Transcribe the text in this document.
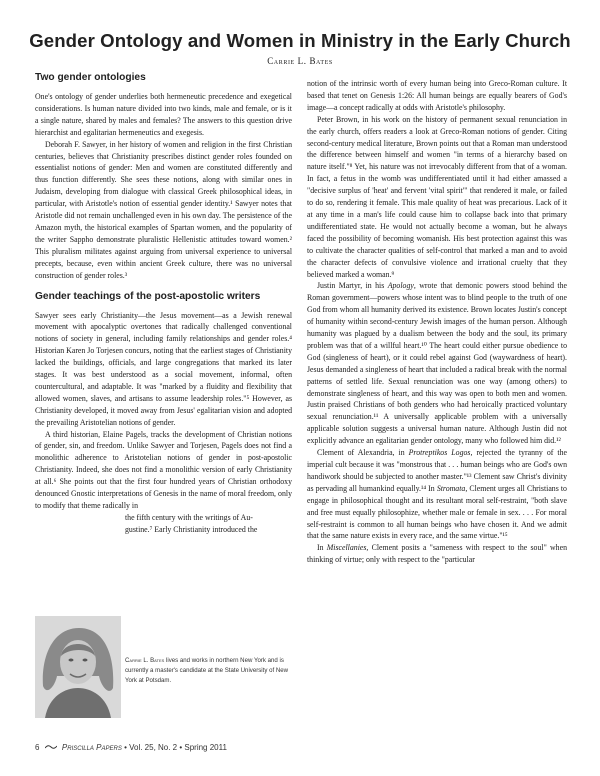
Gender Ontology and Women in Ministry in the Early Church
Carrie L. Bates
Two gender ontologies

One's ontology of gender underlies both hermeneutic precedence and exegetical considerations. Is human nature divided into two kinds, male and female, or is it a single nature, shared by males and females? The answers to this question drive hierarchist and egalitarian hermeneutics and exegesis.

Deborah F. Sawyer, in her history of women and religion in the first Christian centuries, believes that Christianity prescribes distinct gender roles founded on essentialist notions of gender: Men and women are constituted differently and thus function differently. She sees these notions, along with similar ones in Judaism, developing from dialogue with classical Greek philosophical ideas, in particular, with Aristotle's notion of essential gender identity.¹ Sawyer notes that Aristotle did not remain unchallenged even in his own day. The persistence of the Amazon myth, the historical examples of Spartan women, and the popularity of the writer Sappho demonstrate pluralistic Hellenistic attitudes toward women.² This pluralism militates against arguing from universal experience to universal precepts, because, even within ancient Greek culture, there was no universal construction of gender roles.³

Gender teachings of the post-apostolic writers

Sawyer sees early Christianity—the Jesus movement—as a Jewish renewal movement with apocalyptic overtones that radically challenged conventional notions of society in general, including family relationships and gender roles.⁴ Historian Karen Jo Torjesen concurs, noting that the earliest stages of Christianity lacked the buildings, officials, and large congregations that marked its later stages. It was best understood as a social movement, informal, often countercultural, and adaptable. It was "marked by a fluidity and flexibility that allowed women, slaves, and artisans to assume leadership roles."⁵ However, as Christianity developed, it moved away from Jesus' egalitarian vision and adopted the prevailing Aristotelian notions of gender.

A third historian, Elaine Pagels, tracks the development of Christian notions of gender, sin, and freedom. Unlike Sawyer and Torjesen, Pagels does not find a monolithic adherence to Aristotelian notions of gender in post-apostolic Christianity. Indeed, she does not find a monolithic version of early Christianity at all.⁶ She points out that the first four hundred years of Christian orthodoxy denounced Gnostic interpretations of Genesis in the name of moral freedom, only to modify that theme radically in

the fifth century with the writings of Au-

gustine.⁷ Early Christianity introduced the

Carrie L. Bates lives and works in northern New York and is currently a master's candidate at the State University of New York at Potsdam.

notion of the intrinsic worth of every human being into Greco-Roman culture. It based that tenet on Genesis 1:26: All human beings are equally bearers of God's image—a concept radically at odds with Aristotle's philosophy.

Peter Brown, in his work on the history of permanent sexual renunciation in the early church, offers readers a look at Greco-Roman notions of gender. Citing second-century medical literature, Brown points out that a Roman man understood the difference between himself and women "in terms of a hierarchy based on nature itself."⁸ Yet, his nature was not irrevocably different from that of a woman. In fact, a fetus in the womb was undifferentiated until it had either amassed a "decisive surplus of 'heat' and fervent 'vital spirit'" that rendered it male, or failed to do so, rendering it female. This male quality of heat was precarious. Lack of it at any time in a man's life could cause him to collapse back into that primary undifferentiated state. He would not actually become a woman, but he always faced the possibility of becoming womanish. His best protection against this was to cultivate the character qualities of self-control that marked a man and to avoid the character defects of convulsive violence and irrational cruelty that they believed marked a woman.⁹

Justin Martyr, in his Apology, wrote that demonic powers stood behind the Roman government—powers whose intent was to blind people to the truth of one God from whom all humanity derived its existence. Brown locates Justin's concept of humanity within second-century Jewish images of the human person. Although humanity was plagued by a dualism between the body and the soul, its primary problem was that of a willful heart.¹⁰ The heart could either pursue obedience to God (singleness of heart), or it could rebel against God (waywardness of heart). Jesus demanded a singleness of heart that included a radical break with the normal patterns of settled life. Sexual renunciation was one way (among others) to demonstrate singleness of heart, and this way was open to both men and women. Justin praised Christians of both genders who had heroically practiced voluntary sexual renunciation.¹¹ A universally applicable problem with a universally applicable solution suggests a universal human nature. Although Justin did not explicitly advance an egalitarian gender ontology, many who followed him did.¹²

Clement of Alexandria, in Protreptikos Logos, rejected the tyranny of the imperial cult because it was "monstrous that . . . human beings who are God's own handiwork should be subjected to another master."¹³ Clement saw Christ's divinity as pervading all humankind equally.¹⁴ In Stromata, Clement urges all Christians to engage in philosophical thought and its resultant moral self-restraint, "both slave and free must equally philosophize, whether male or female in sex. . . . For moral self-restraint is common to all human beings who have chosen it. And we admit that the same nature exists in every race, and the same virtue."¹⁵

In Miscellanies, Clement posits a "sameness with respect to the soul" when thinking of virtue; only with respect to the "particular

6	Priscilla Papers • Vol. 25, No. 2 • Spring 2011
